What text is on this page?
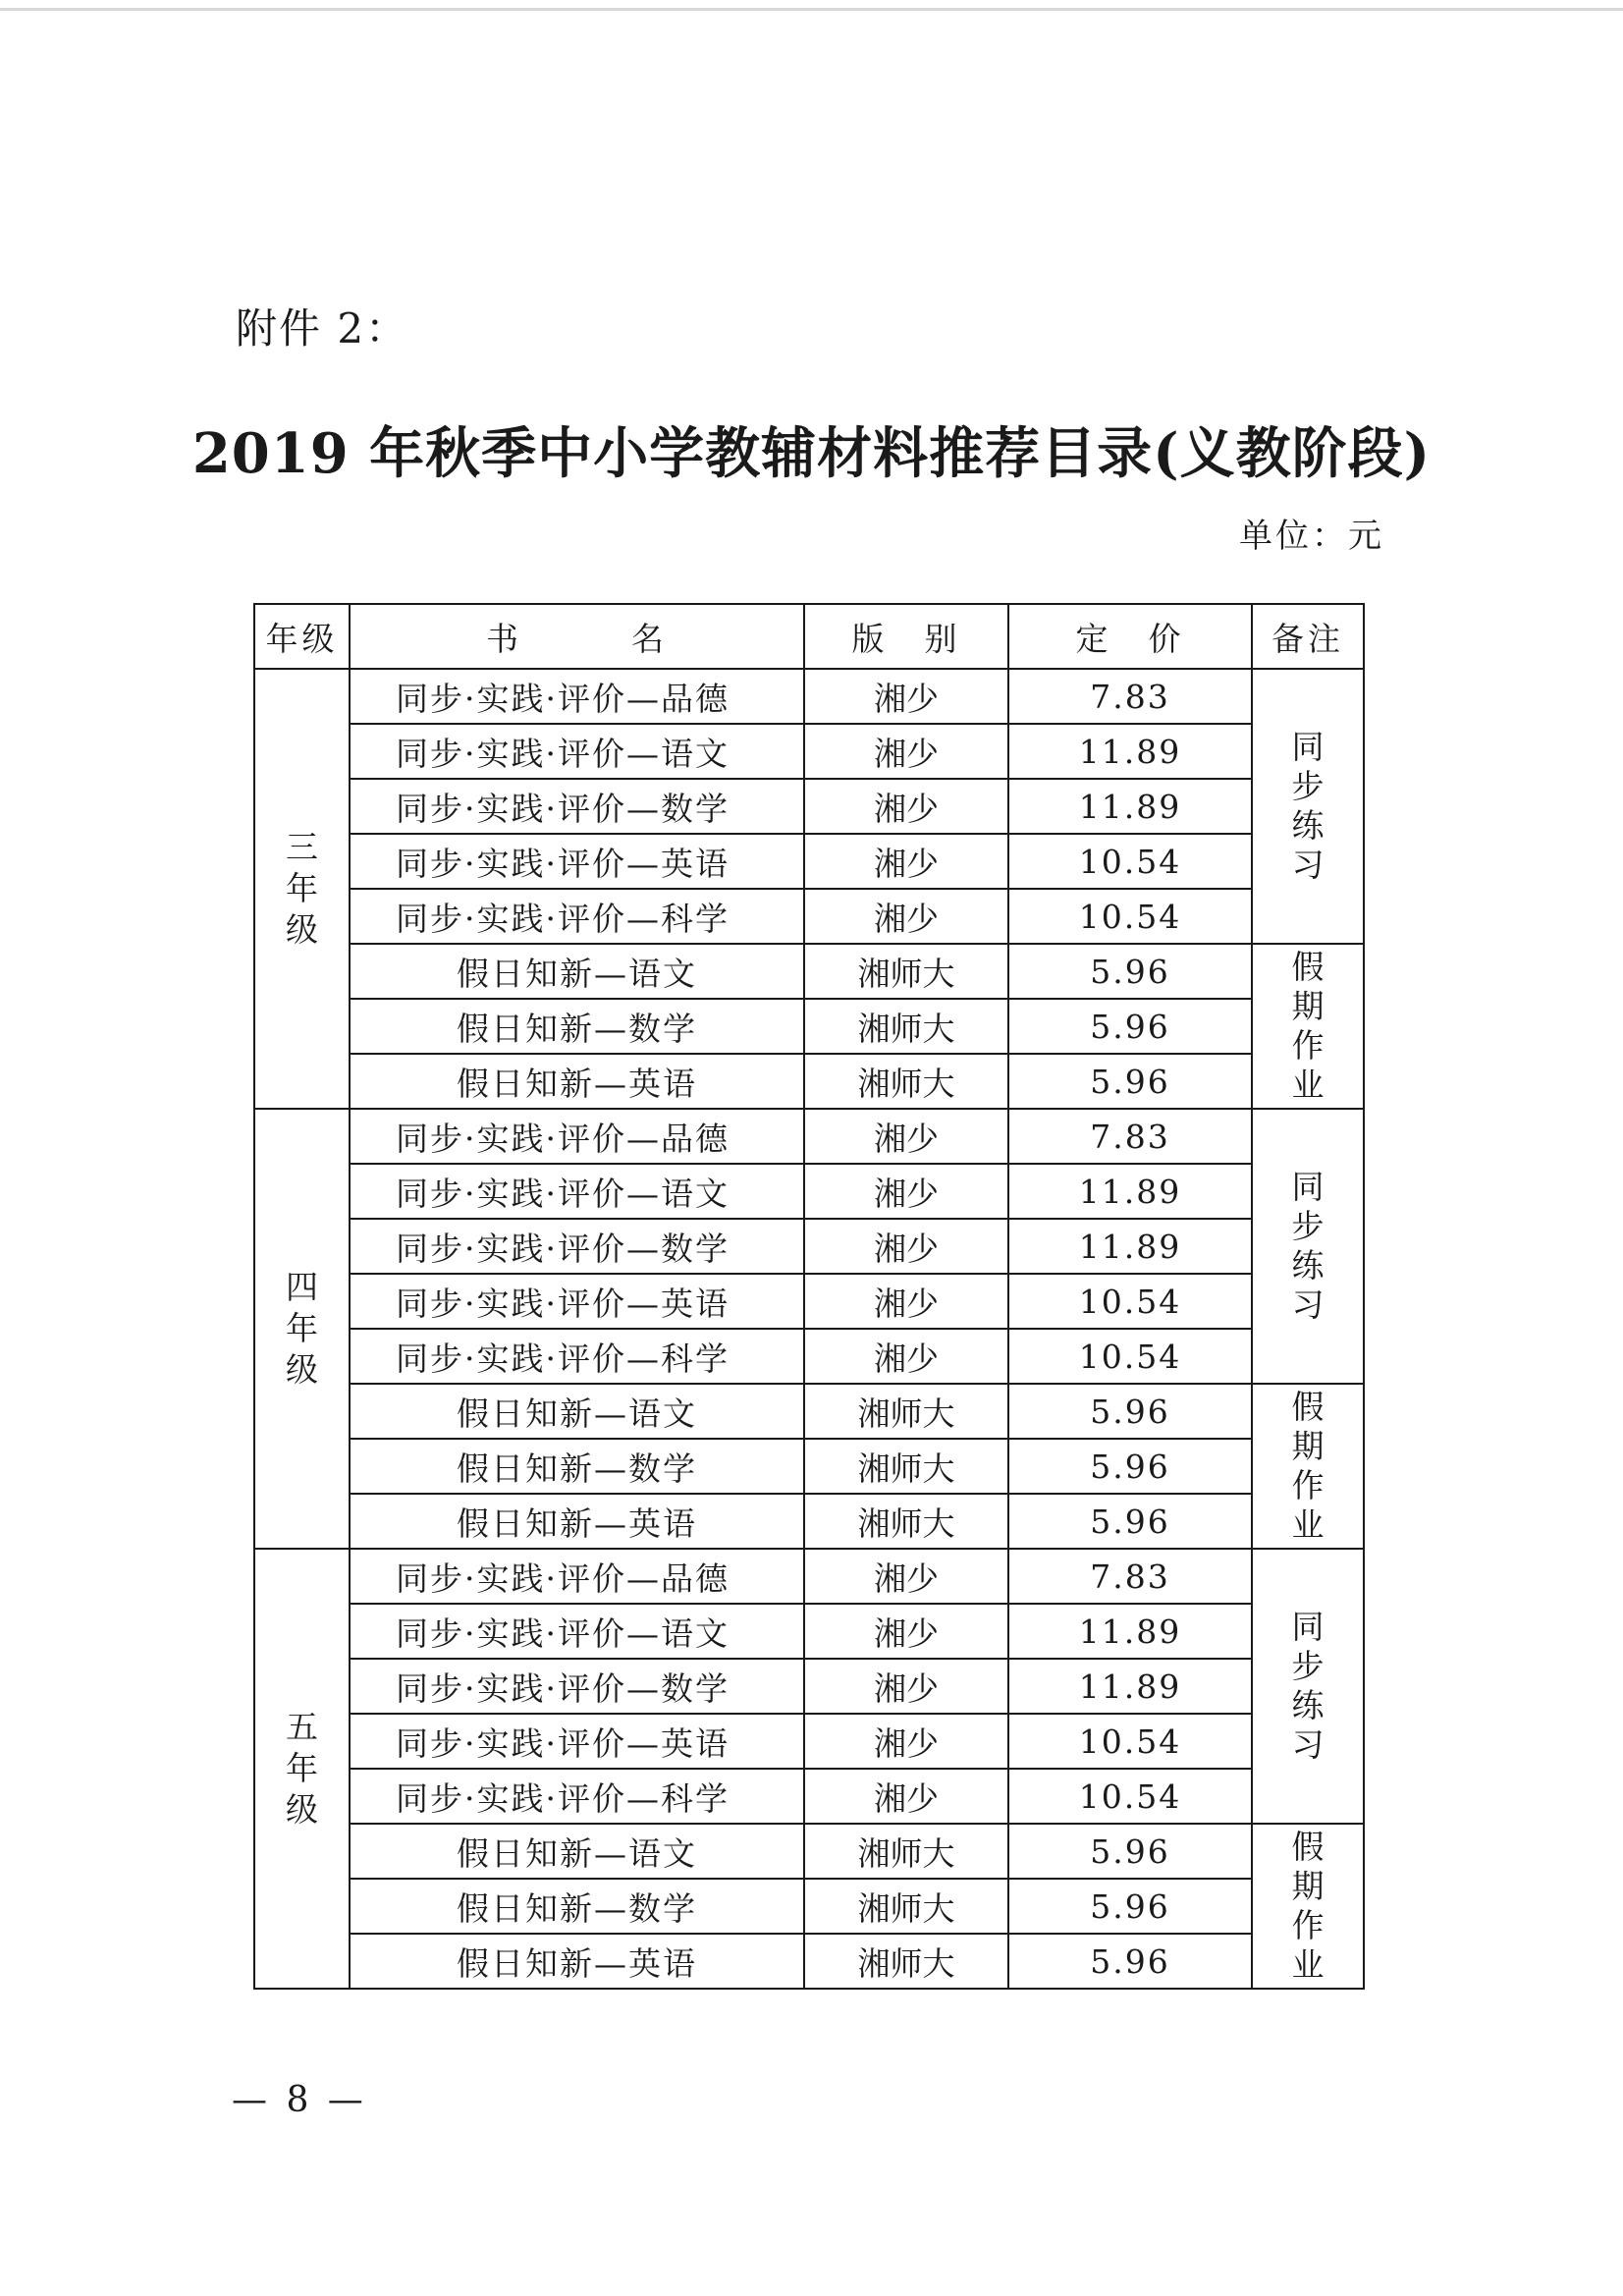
附件 2：
2019 年秋季中小学教辅材料推荐目录(义教阶段)
单位：元
年级	书　　　名	版　别	定　价	备注
三年级	同步·实践·评价—品德	湘少	7.83	同步练习
	同步·实践·评价—语文	湘少	11.89	
	同步·实践·评价—数学	湘少	11.89	
	同步·实践·评价—英语	湘少	10.54	
	同步·实践·评价—科学	湘少	10.54	
	假日知新—语文	湘师大	5.96	假期作业
	假日知新—数学	湘师大	5.96	
	假日知新—英语	湘师大	5.96	
四年级	同步·实践·评价—品德	湘少	7.83	同步练习
	同步·实践·评价—语文	湘少	11.89	
	同步·实践·评价—数学	湘少	11.89	
	同步·实践·评价—英语	湘少	10.54	
	同步·实践·评价—科学	湘少	10.54	
	假日知新—语文	湘师大	5.96	假期作业
	假日知新—数学	湘师大	5.96	
	假日知新—英语	湘师大	5.96	
五年级	同步·实践·评价—品德	湘少	7.83	同步练习
	同步·实践·评价—语文	湘少	11.89	
	同步·实践·评价—数学	湘少	11.89	
	同步·实践·评价—英语	湘少	10.54	
	同步·实践·评价—科学	湘少	10.54	
	假日知新—语文	湘师大	5.96	假期作业
	假日知新—数学	湘师大	5.96	
	假日知新—英语	湘师大	5.96	
— 8 —
